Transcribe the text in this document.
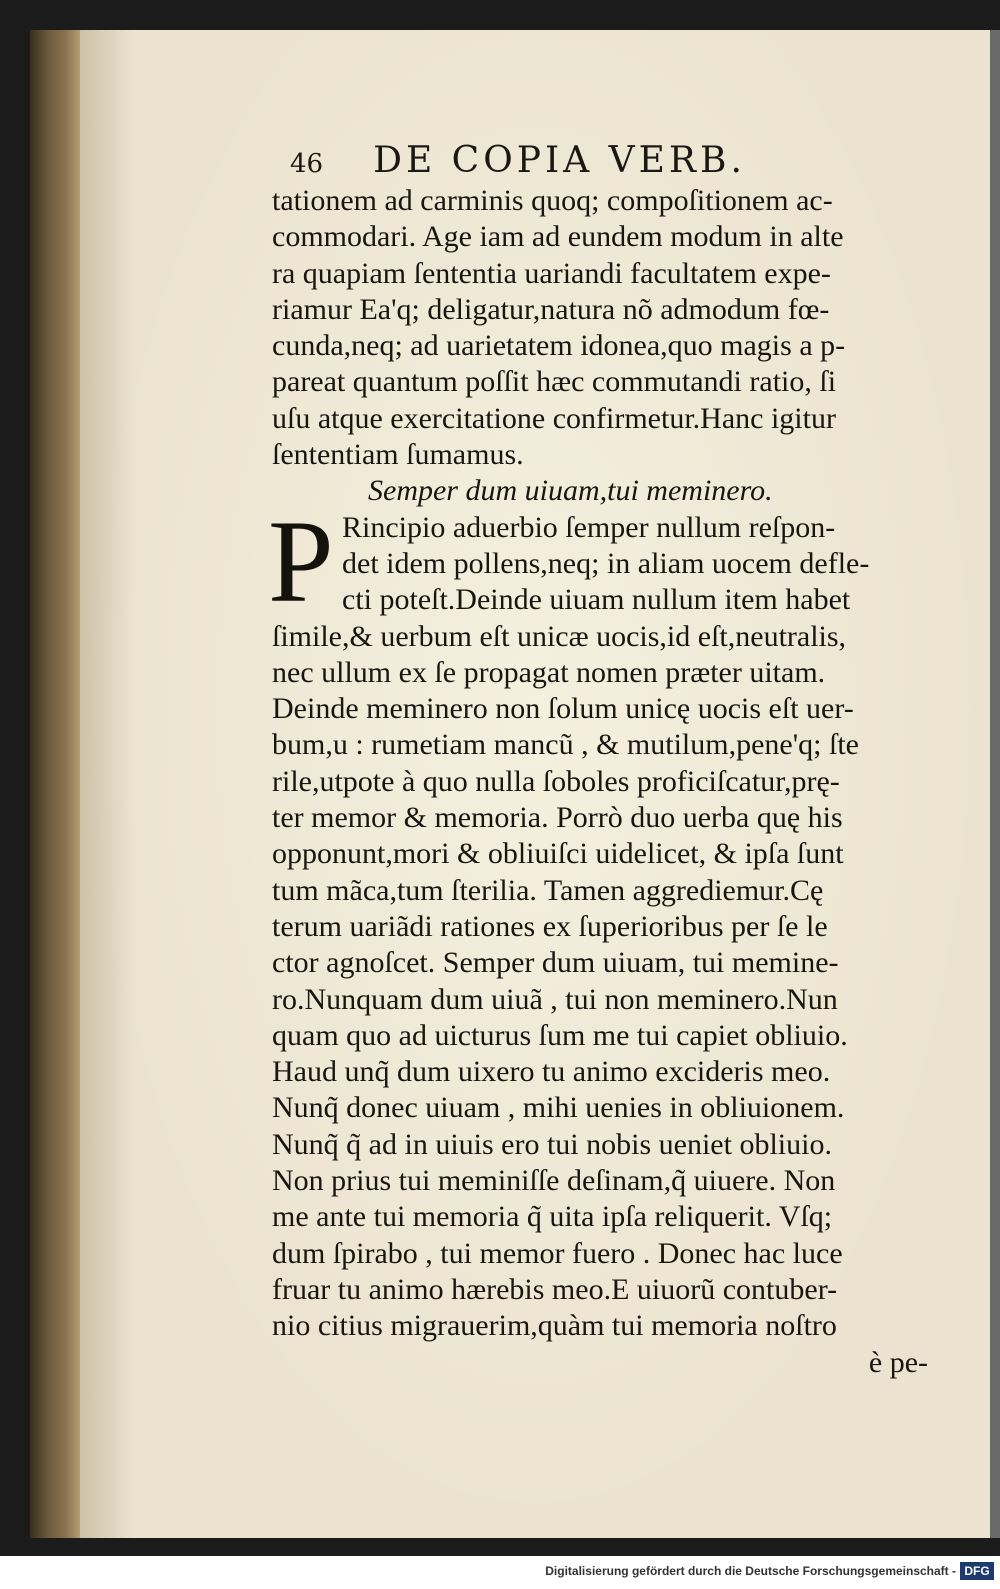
46 DE COPIA VERB.
tationem ad carminis quoq; compoſitionem ac-
commodari. Age iam ad eundem modum in alte
ra quapiam ſententia uariandi facultatem expe-
riamur Ea'q; deligatur,natura nõ admodum fœ-
cunda,neq; ad uarietatem idonea,quo magis a p-
pareat quantum poſſit hæc commutandi ratio, ſi
uſu atque exercitatione confirmetur.Hanc igitur
ſententiam ſumamus.
Semper dum uiuam,tui meminero.
P Rincipio aduerbio ſemper nullum reſpon-
det idem pollens,neq; in aliam uocem defle-
cti poteſt.Deinde uiuam nullum item habet
ſimile,& uerbum eſt unicæ uocis,id eſt,neutralis,
nec ullum ex ſe propagat nomen præter uitam.
Deinde meminero non ſolum unicę uocis eſt uer-
bum,u : rumetiam mancũ , & mutilum,pene'q; ſte
rile,utpote à quo nulla ſoboles proficiſcatur,prę-
ter memor & memoria. Porrò duo uerba quę his
opponunt,mori & obliuiſci uidelicet, & ipſa ſunt
tum mãca,tum ſterilia. Tamen aggrediemur.Cę
terum uariãdi rationes ex ſuperioribus per ſe le
ctor agnoſcet. Semper dum uiuam, tui memine-
ro.Nunquam dum uiuã , tui non meminero.Nun
quam quo ad uicturus ſum me tui capiet obliuio.
Haud unq̃ dum uixero tu animo excideris meo.
Nunq̃ donec uiuam , mihi uenies in obliuionem.
Nunq̃ q̃ ad in uiuis ero tui nobis ueniet obliuio.
Non prius tui meminiſſe deſinam,q̃ uiuere. Non
me ante tui memoria q̃ uita ipſa reliquerit. Vſq;
dum ſpirabo , tui memor fuero . Donec hac luce
fruar tu animo hærebis meo.E uiuorũ contuber-
nio citius migrauerim,quàm tui memoria noſtro
è pe-
Digitalisierung gefördert durch die Deutsche Forschungsgemeinschaft - DFG
